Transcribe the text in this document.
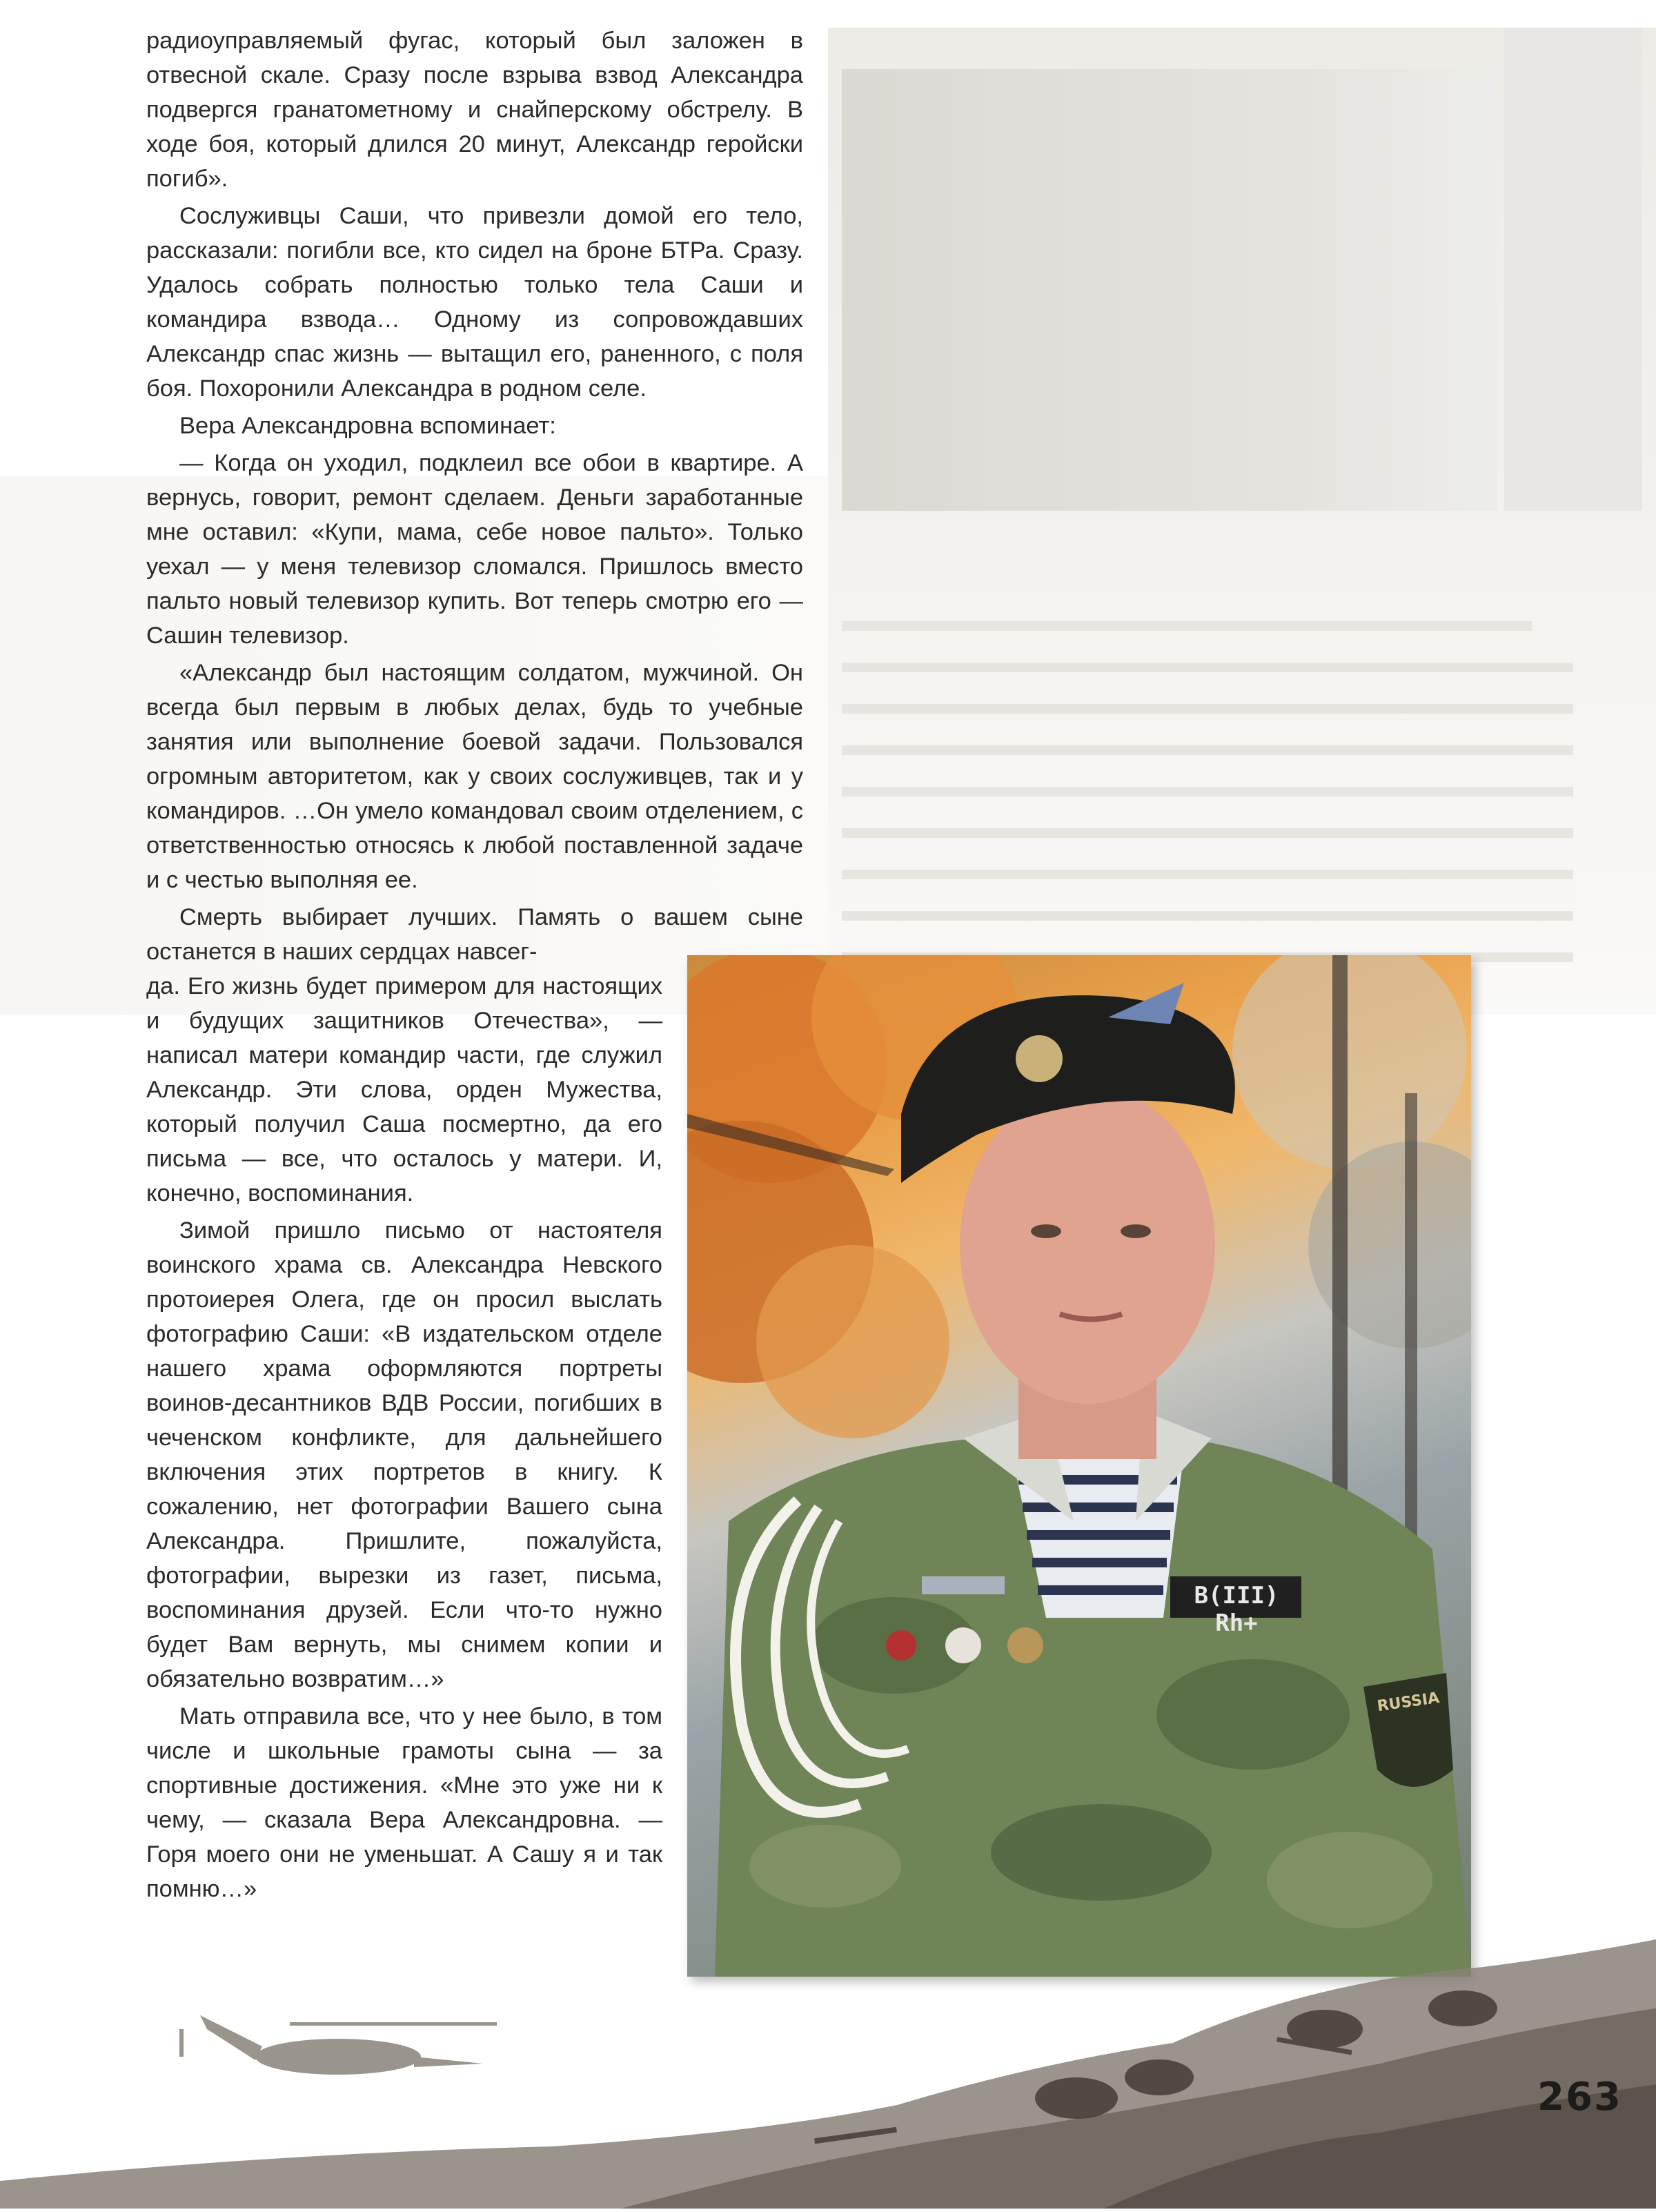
радиоуправляемый фугас, который был заложен в отвесной скале. Сразу после взрыва взвод Александра подвергся гранатометному и снайперскому обстрелу. В ходе боя, который длился 20 минут, Александр геройски погиб».

Сослуживцы Саши, что привезли домой его тело, рассказали: погибли все, кто сидел на броне БТРа. Сразу. Удалось собрать полностью только тела Саши и командира взвода… Одному из сопровождавших Александр спас жизнь — вытащил его, раненного, с поля боя. Похоронили Александра в родном селе.

Вера Александровна вспоминает:

— Когда он уходил, подклеил все обои в квартире. А вернусь, говорит, ремонт сделаем. Деньги заработанные мне оставил: «Купи, мама, себе новое пальто». Только уехал — у меня телевизор сломался. Пришлось вместо пальто новый телевизор купить. Вот теперь смотрю его — Сашин телевизор.

«Александр был настоящим солдатом, мужчиной. Он всегда был первым в любых делах, будь то учебные занятия или выполнение боевой задачи. Пользовался огромным авторитетом, как у своих сослуживцев, так и у командиров. …Он умело командовал своим отделением, с ответственностью относясь к любой поставленной задаче и с честью выполняя ее.

Смерть выбирает лучших. Память о вашем сыне останется в наших сердцах навсег-

да. Его жизнь будет примером для настоящих и будущих защитников Отечества», — написал матери командир части, где служил Александр. Эти слова, орден Мужества, который получил Саша посмертно, да его письма — все, что осталось у матери. И, конечно, воспоминания.

Зимой пришло письмо от настоятеля воинского храма св. Александра Невского протоиерея Олега, где он просил выслать фотографию Саши: «В издательском отделе нашего храма оформляются портреты воинов-десантников ВДВ России, погибших в чеченском конфликте, для дальнейшего включения этих портретов в книгу. К сожалению, нет фотографии Вашего сына Александра. Пришлите, пожалуйста, фотографии, вырезки из газет, письма, воспоминания друзей. Если что-то нужно будет Вам вернуть, мы снимем копии и обязательно возвратим…»

Мать отправила все, что у нее было, в том числе и школьные грамоты сына — за спортивные достижения. «Мне это уже ни к чему, — сказала Вера Александровна. — Горя моего они не уменьшат. А Сашу я и так помню…»

B(III) Rh+
RUSSIA
263
